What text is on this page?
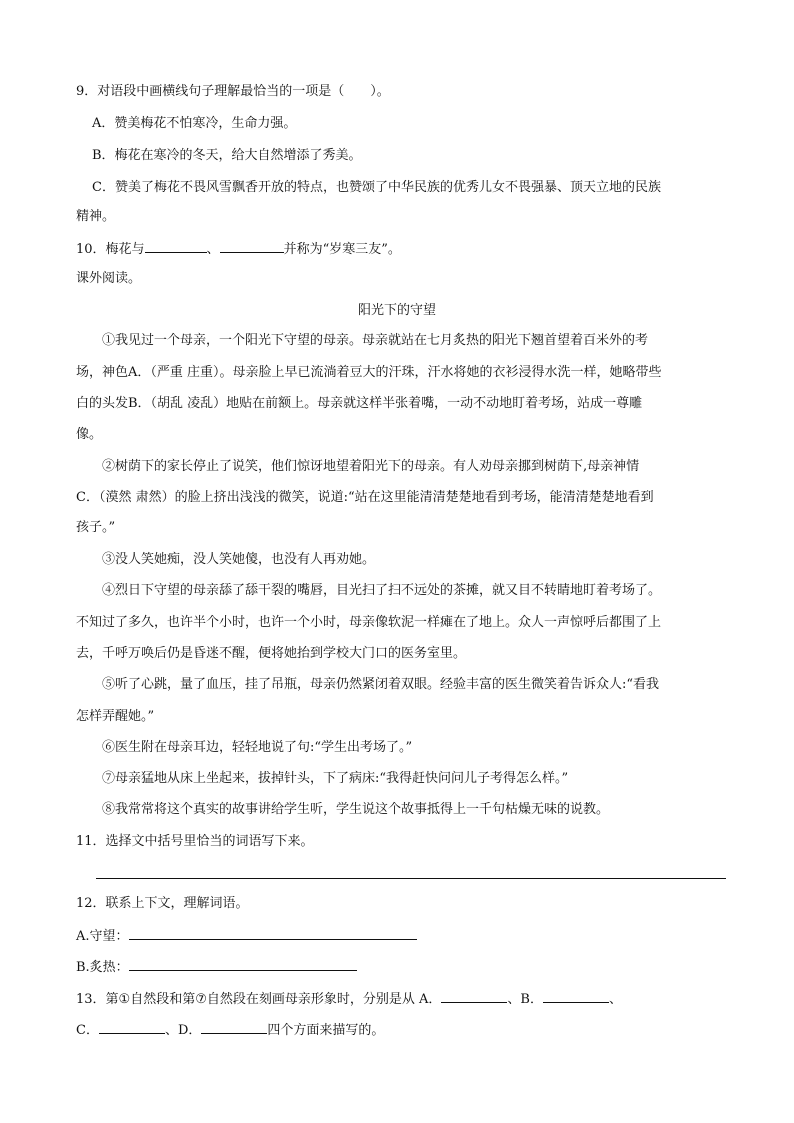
9．对语段中画横线句子理解最恰当的一项是（　　）。
A．赞美梅花不怕寒冷，生命力强。
B．梅花在寒冷的冬天，给大自然增添了秀美。
C．赞美了梅花不畏风雪飘香开放的特点，也赞颂了中华民族的优秀儿女不畏强暴、顶天立地的民族
精神。
10．梅花与	、	并称为“岁寒三友”。
课外阅读。
阳光下的守望
①我见过一个母亲，一个阳光下守望的母亲。母亲就站在七月炙热的阳光下翘首望着百米外的考
场，神色A．（严重 庄重）。母亲脸上早已流淌着豆大的汗珠，汗水将她的衣衫浸得水洗一样，她略带些
白的头发B．（胡乱 凌乱）地贴在前额上。母亲就这样半张着嘴，一动不动地盯着考场，站成一尊雕
像。
②树荫下的家长停止了说笑，他们惊讶地望着阳光下的母亲。有人劝母亲挪到树荫下,母亲神情
C．（漠然 肃然）的脸上挤出浅浅的微笑，说道:“站在这里能清清楚楚地看到考场，能清清楚楚地看到
孩子。”
③没人笑她痴，没人笑她傻，也没有人再劝她。
④烈日下守望的母亲舔了舔干裂的嘴唇，目光扫了扫不远处的茶摊，就又目不转睛地盯着考场了。
不知过了多久，也许半个小时，也许一个小时，母亲像软泥一样瘫在了地上。众人一声惊呼后都围了上
去，千呼万唤后仍是昏迷不醒，便将她抬到学校大门口的医务室里。
⑤听了心跳，量了血压，挂了吊瓶，母亲仍然紧闭着双眼。经验丰富的医生微笑着告诉众人:“看我
怎样弄醒她。”
⑥医生附在母亲耳边，轻轻地说了句:“学生出考场了。”
⑦母亲猛地从床上坐起来，拔掉针头，下了病床:“我得赶快问问儿子考得怎么样。”
⑧我常常将这个真实的故事讲给学生听，学生说这个故事抵得上一千句枯燥无味的说教。
11．选择文中括号里恰当的词语写下来。
12．联系上下文，理解词语。
A.守望：
B.炙热：
13．第①自然段和第⑦自然段在刻画母亲形象时，分别是从 A．	、B．	、
C．	、D．	四个方面来描写的。
